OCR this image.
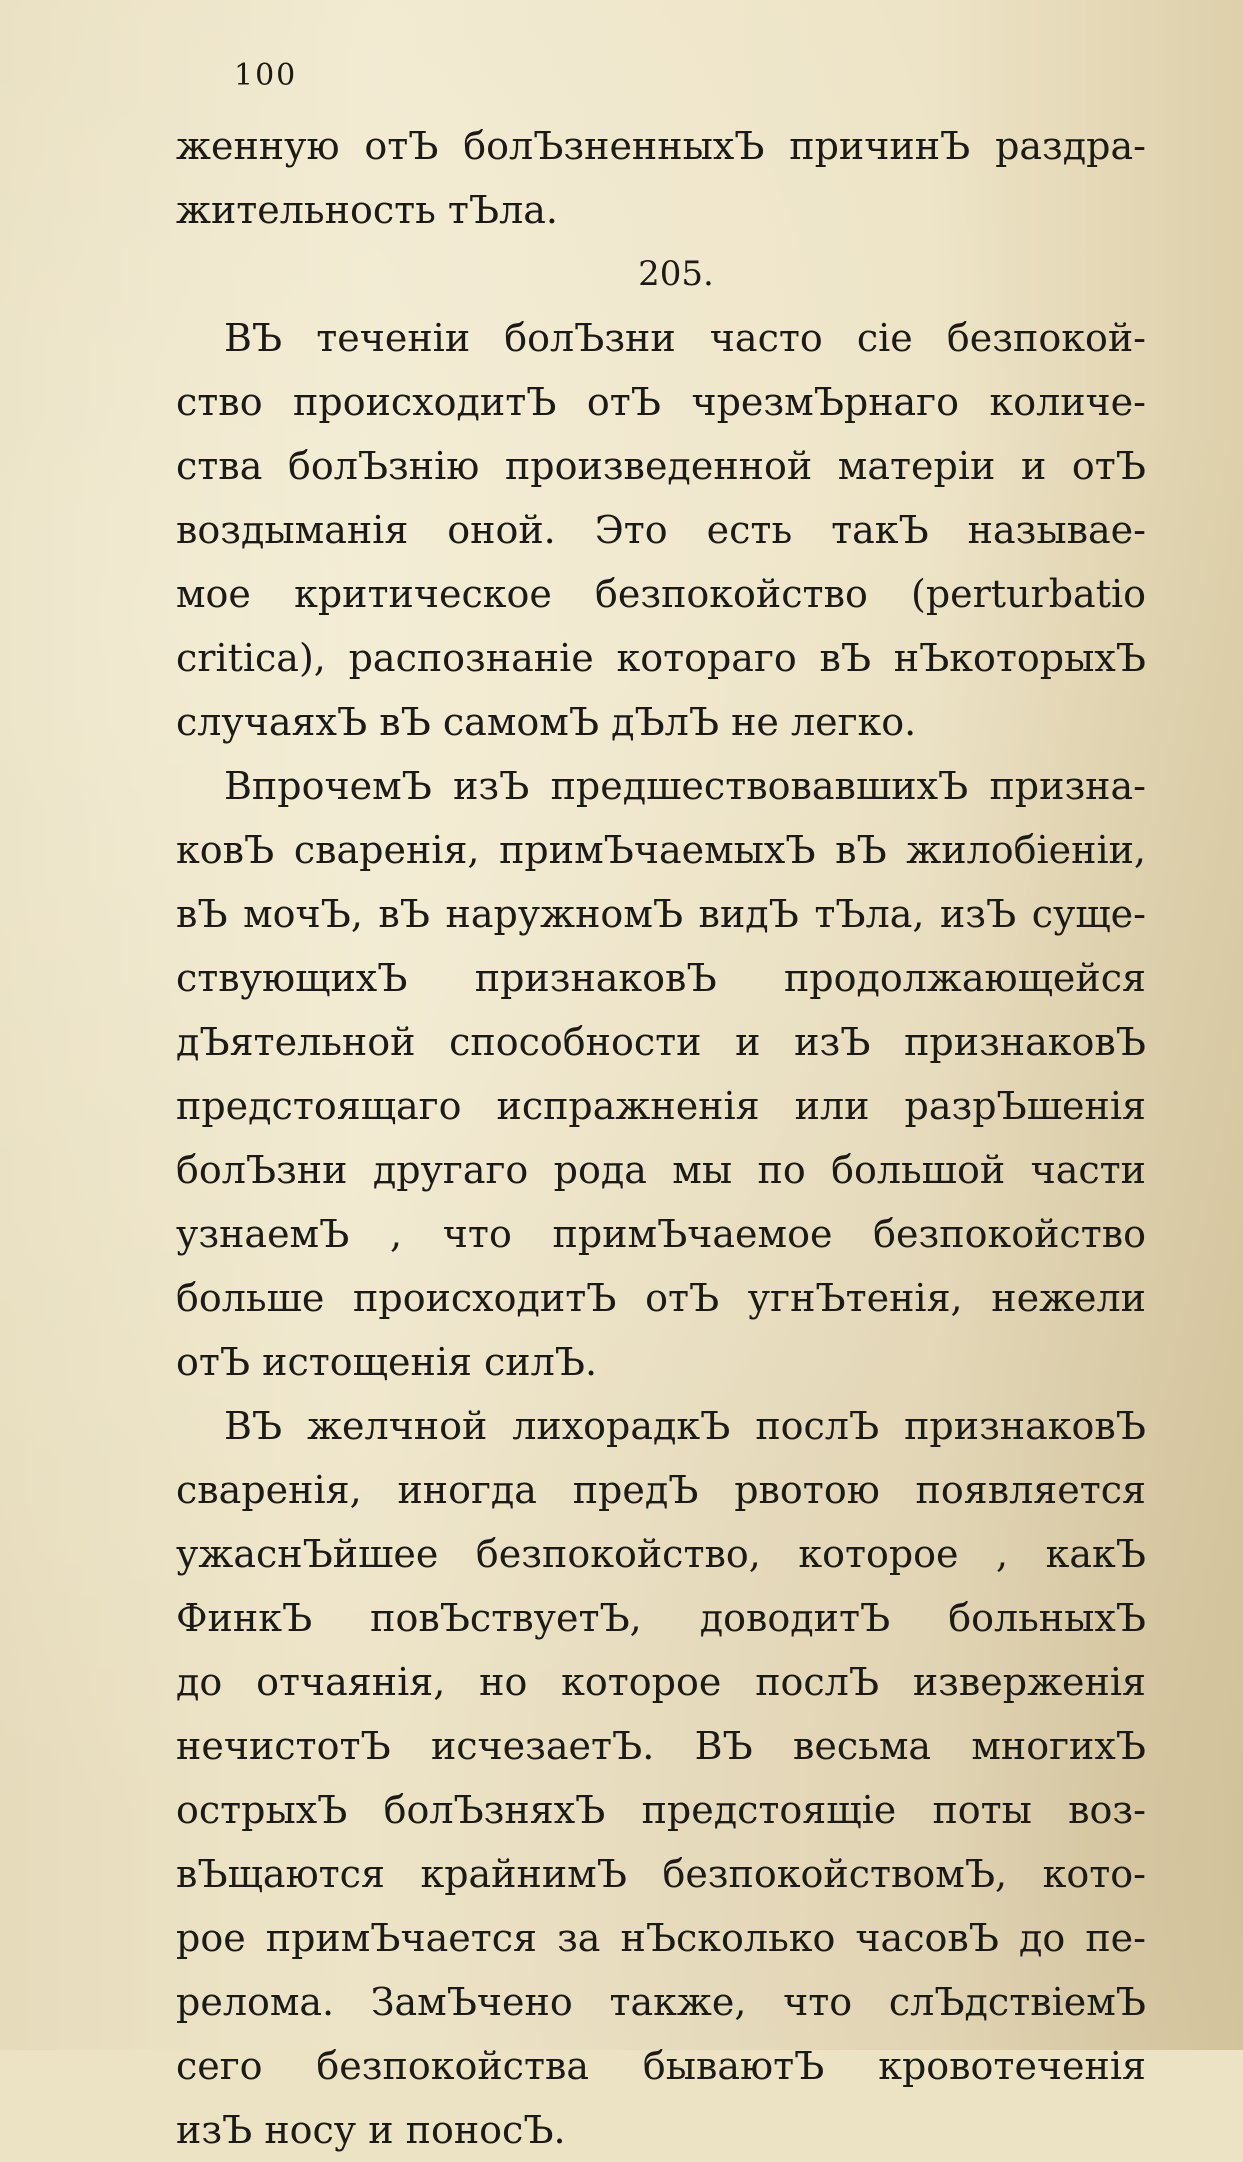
100
женную отЪ болЪзненныхЪ причинЪ раздра-
жительность тЪла.
205.
ВЪ теченіи болЪзни часто сіе безпокой-
ство происходитЪ отЪ чрезмЪрнаго количе-
ства болЪзнію произведенной матеріи и отЪ
воздыманія оной. Это есть такЪ называе-
мое критическое безпокойство (perturbatio
critica), распознаніе котораго вЪ нЪкоторыхЪ
случаяхЪ вЪ самомЪ дЪлЪ не легко.
ВпрочемЪ изЪ предшествовавшихЪ призна-
ковЪ свaренія, примЪчаемыхЪ вЪ жилобіеніи,
вЪ мочЪ, вЪ наружномЪ видЪ тЪла, изЪ суще-
ствующихЪ признаковЪ продолжающейся
дЪятельной способности и изЪ признаковЪ
предстоящаго испражненія или разрЪшенія
болЪзни другаго рода мы по большой части
узнаемЪ , что примЪчаемое безпокойство
больше происходитЪ отЪ угнЪтенія, нежели
отЪ истощенія силЪ.
ВЪ желчной лихорадкЪ послЪ признаковЪ
свaренія, иногда предЪ рвотою появляется
ужаснЪйшее безпокойство, которое , какЪ
ФинкЪ повЪствуетЪ, доводитЪ больныхЪ
до отчаянія, но которое послЪ изверженія
нечистотЪ исчезаетЪ. ВЪ весьма многихЪ
острыхЪ болЪзняхЪ предстоящіе поты воз-
вЪщаются крайнимЪ безпокойствомЪ, кото-
рое примЪчается за нЪсколько часовЪ до пе-
релома. ЗамЪчено также, что слЪдствіемЪ
сего безпокойства бываютЪ кровотеченія
изЪ носу и поносЪ.
